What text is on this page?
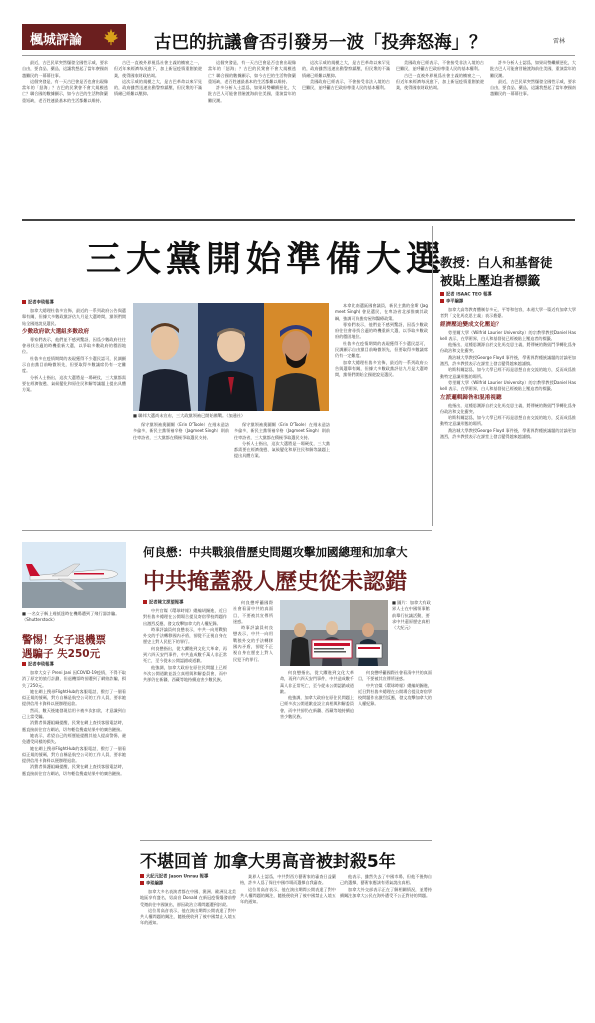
楓城評論	古巴的抗議會否引發另一波「投奔怒海」？	雷林

最近，古巴民眾突然爆發全國性示威，要求自由，要食品、藥品，這讓我想起了當年寮國南越難民的一幕幕往事。

這個突發是，有一天古巴會是否也會出現像當年的「怒海」？古巴的民衆會不會大規模逃亡？聯合國的數據顯示，如今古巴的生活物資嚴重短缺，老百姓連最基本的生活都難以維持。

古巴一直被外界視爲社會主義的櫥窗之一，但近年來經濟每况愈下，加上新冠疫情重創旅遊業，使得國家財政枯竭。

這次示威的規模之大，是古巴革命以來罕見的，政府雖然迅速出動警察鎮壓，但民衆的不滿情緒已經難以壓抑。

這個突發是，有一天古巴會是否也會出現像當年的「怒海」？古巴的民衆會不會大規模逃亡？聯合國的數據顯示，如今古巴的生活物資嚴重短缺，老百姓連最基本的生活都難以維持。

許多分析人士認爲，如果局勢繼續惡化，大批古巴人可能會冒險渡海前往美國，重演當年的難民潮。

這次示威的規模之大，是古巴革命以來罕見的，政府雖然迅速出動警察鎮壓，但民衆的不滿情緒已經難以壓抑。

美國政府已經表示，不會接受非法入境的古巴難民，並呼籲古巴政府尊重人民的基本權利。

美國政府已經表示，不會接受非法入境的古巴難民，並呼籲古巴政府尊重人民的基本權利。

古巴一直被外界視爲社會主義的櫥窗之一，但近年來經濟每况愈下，加上新冠疫情重創旅遊業，使得國家財政枯竭。

許多分析人士認爲，如果局勢繼續惡化，大批古巴人可能會冒險渡海前往美國，重演當年的難民潮。

最近，古巴民眾突然爆發全國性示威，要求自由，要食品、藥品，這讓我想起了當年寮國南越難民的一幕幕往事。

三大黨開始準備大選
記者李琰報導

加拿大總理杜魯多宣佈，最近的一系列政府公告與選舉有關，但據大多數政黨評估九月是大選時間，黨領們開始全國遊說見選民。

少數政府欲大選組多數政府

專家們表示，他們並不感到驚訝，因爲少數政府往往會尋找合適的時機重新大選，以爭取多數政府的穩固地位。

杜魯多在疫情期間的表現獲得不少選民認可，民調顯示自由黨目前略微領先，但要取得多數議席仍有一定難度。

分析人士指出，這次大選將是一場硬仗，三大黨都需要在經濟復甦、氣候變化和原住民和解等議題上提出具體方案。

■ 聯邦大選尚未宣布，三大政黨領袖已開始備戰。（加通社）

保守黨領袖奧圖爾（Erin O'Toole）在週末造訪多倫多，新民主黨領袖辛格（Jagmeet Singh）則前往卑詩省，三大黨都在積極爭取選民支持。

保守黨領袖奧圖爾（Erin O'Toole）在週末造訪多倫多，新民主黨領袖辛格（Jagmeet Singh）則前往卑詩省，三大黨都在積極爭取選民支持。

分析人士指出，這次大選將是一場硬仗，三大黨都需要在經濟復甦、氣候變化和原住民和解等議題上提出具體方案。

本拿比南選區國會議員，新民主黨的金斯 (Jagmeet Singh) 會見選民，在卑詩省北部推廣其政綱，強調可負擔房屋和醫療政策。

專家們表示，他們並不感到驚訝，因爲少數政府往往會尋找合適的時機重新大選，以爭取多數政府的穩固地位。

杜魯多在疫情期間的表現獲得不少選民認可，民調顯示自由黨目前略微領先，但要取得多數議席仍有一定難度。

加拿大總理杜魯多宣佈，最近的一系列政府公告與選舉有關，但據大多數政黨評估九月是大選時間，黨領們開始全國遊說見選民。

教授：白人和基督徒
被貼上壓迫者標籤
記者 ISAAC TEO 報導
李平編譯

加拿大高等教育體制存多元、平等和包容，本週大學一篇近有加拿大學者對「文化馬克思主義」表示擔憂。

經濟壓迫變成文化壓迫？

勞里爾大學（Wilfrid Laurier University）的宗教學教授Daniel Haskell 表示，在學術界，白人和基督徒已經被貼上壓迫者的標籤。

他指出，這種思潮源自於文化馬克思主義，將傳統的階級鬥爭轉化爲身份政治和文化衝突。

喬治城大學教授George Floyd 事件後，學術界對種族議題的討論更加激烈，許多教授表示在課堂上發言變得越來越謹慎。

哈斯科爾認爲，如今大學已經不再是思想自由交流的地方，反而成爲推動特定意識形態的場所。

勞里爾大學（Wilfrid Laurier University）的宗教學教授Daniel Haskell 表示，在學術界，白人和基督徒已經被貼上壓迫者的標籤。

左派邏輯歸咎和混淆視聽

他指出，這種思潮源自於文化馬克思主義，將傳統的階級鬥爭轉化爲身份政治和文化衝突。

哈斯科爾認爲，如今大學已經不再是思想自由交流的地方，反而成爲推動特定意識形態的場所。

喬治城大學教授George Floyd 事件後，學術界對種族議題的討論更加激烈，許多教授表示在課堂上發言變得越來越謹慎。

■ 一名女子稱上週抵達時在機場遭到了飛行器詐騙。（Shutterstock）
警惕！女子退機票
遇騙子 失250元
記者李琰報導

加拿大女子 Preni Jani 因COVID-19疫情，不得不取消了原定的旅行計劃，但退機票時卻遭到了網絡詐騙，損失了250元。

她在網上搜尋FlightHub的客服電話，撥打了一個看似正規的號碼，對方自稱是航空公司的工作人員，要求她提供信用卡資料以便辦理退款。

然而，數天後她發現信用卡被多次扣款，才意識到自己上當受騙。

消費者保護組織提醒，民衆在網上查找客服電話時，應直接前往官方網站，切勿輕信搜索結果中的廣告鏈接。

她表示，希望自己的經歷能提醒其他人提高警惕，避免遭受同樣的損失。

她在網上搜尋FlightHub的客服電話，撥打了一個看似正規的號碼，對方自稱是航空公司的工作人員，要求她提供信用卡資料以便辦理退款。

消費者保護組織提醒，民衆在網上查找客服電話時，應直接前往官方網站，切勿輕信搜索結果中的廣告鏈接。

何良懋：中共戰狼借歷史問題攻擊加國總理和加拿大
中共掩蓋殺人歷史從未認錯
記者陳文探望報導

中共官媒《環球時報》總編胡錫進，近日對杜魯多總理在公開場合提及寄宿學校問題作出激烈反應，發文攻擊加拿大的人權紀錄。

時事評論員何良懋表示，中共一向用戰狼外交的手法轉移國內矛盾，卻從不正視自身在歷史上對人民犯下的罪行。

何良懋指出，從大躍進到文化大革命，再到六四天安門事件，中共造成數千萬人非正常死亡，至今從未公開認錯或道歉。

他強調，加拿大政府在原住民問題上已經多次公開道歉並設立真相與和解委員會，而中共卻仍在新疆、西藏等地持續迫害少數民族。

何良懋呼籲國際社會看清中共的真面目，不要被其宣傳所迷惑。

時事評論員何良懋表示，中共一向用戰狼外交的手法轉移國內矛盾，卻從不正視自身在歷史上對人民犯下的罪行。

■ 圖片：加拿大有政界人士在中國領事館前舉行抗議活動，要求中共還原歷史真相（大紀元）

何良懋指出，從大躍進到文化大革命，再到六四天安門事件，中共造成數千萬人非正常死亡，至今從未公開認錯或道歉。

他強調，加拿大政府在原住民問題上已經多次公開道歉並設立真相與和解委員會，而中共卻仍在新疆、西藏等地持續迫害少數民族。

何良懋呼籲國際社會看清中共的真面目，不要被其宣傳所迷惑。

中共官媒《環球時報》總編胡錫進，近日對杜魯多總理在公開場合提及寄宿學校問題作出激烈反應，發文攻擊加拿大的人權紀錄。

不堪回首 加拿大男高音被封殺5年
大紀元記者 Jason Unrau 報導
李琰編譯

加拿大多名表演者都在中國、澳洲、歐洲及北美地區享有盛名，男高音 Donald 在新冠疫情爆發前曾受邀前往中國演出，卻因政治立場問題遭到封殺。

這位男高音表示，他在演出期間公開表達了對中共人權問題的關注，隨後便收到了被中國禁止入境五年的通知。

業界人士認爲，中共對西方藝術家的審查日益嚴格，許多人爲了保住中國市場而選擇自我審查。

這位男高音表示，他在演出期間公開表達了對中共人權問題的關注，隨後便收到了被中國禁止入境五年的通知。

他表示，雖然失去了中國市場，但他不後悔自己的選擇，藝術家應該有勇氣說出真相。

加拿大外交部表示正在了解相關情況，並將持續關注加拿大公民在海外遭受不公正對待的問題。
